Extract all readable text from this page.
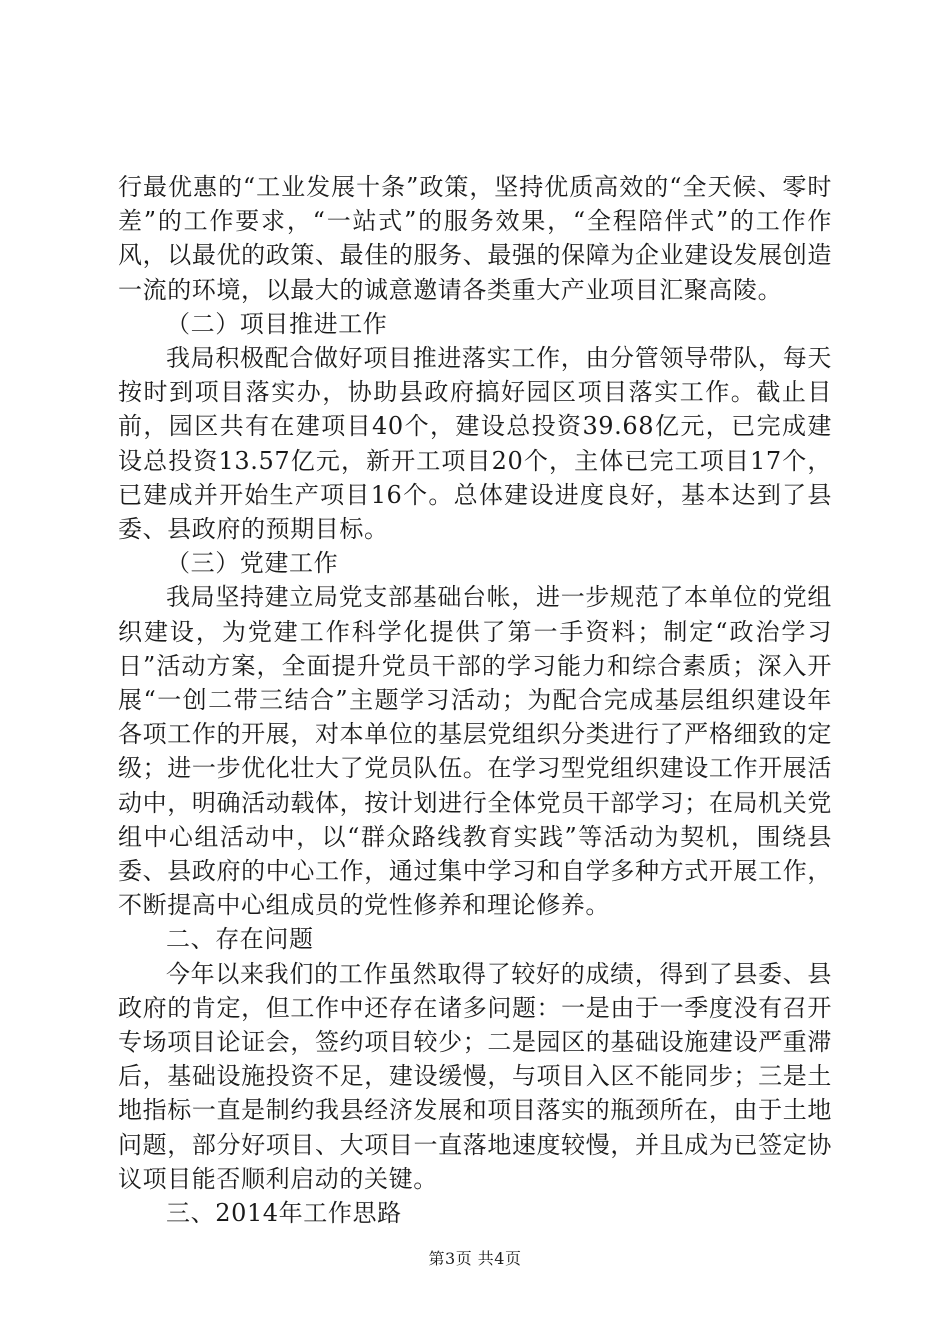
行最优惠的“工业发展十条”政策，坚持优质高效的“全天候、零时差”的工作要求，“一站式”的服务效果，“全程陪伴式”的工作作风，以最优的政策、最佳的服务、最强的保障为企业建设发展创造一流的环境，以最大的诚意邀请各类重大产业项目汇聚高陵。

（二）项目推进工作

我局积极配合做好项目推进落实工作，由分管领导带队，每天按时到项目落实办，协助县政府搞好园区项目落实工作。截止目前，园区共有在建项目40个，建设总投资39.68亿元，已完成建设总投资13.57亿元，新开工项目20个，主体已完工项目17个，已建成并开始生产项目16个。总体建设进度良好，基本达到了县委、县政府的预期目标。

（三）党建工作

我局坚持建立局党支部基础台帐，进一步规范了本单位的党组织建设，为党建工作科学化提供了第一手资料；制定“政治学习日”活动方案，全面提升党员干部的学习能力和综合素质；深入开展“一创二带三结合”主题学习活动；为配合完成基层组织建设年各项工作的开展，对本单位的基层党组织分类进行了严格细致的定级；进一步优化壮大了党员队伍。在学习型党组织建设工作开展活动中，明确活动载体，按计划进行全体党员干部学习；在局机关党组中心组活动中，以“群众路线教育实践”等活动为契机，围绕县委、县政府的中心工作，通过集中学习和自学多种方式开展工作，不断提高中心组成员的党性修养和理论修养。

二、存在问题

今年以来我们的工作虽然取得了较好的成绩，得到了县委、县政府的肯定，但工作中还存在诸多问题：一是由于一季度没有召开专场项目论证会，签约项目较少；二是园区的基础设施建设严重滞后，基础设施投资不足，建设缓慢，与项目入区不能同步；三是土地指标一直是制约我县经济发展和项目落实的瓶颈所在，由于土地问题，部分好项目、大项目一直落地速度较慢，并且成为已签定协议项目能否顺利启动的关键。

三、2014年工作思路

第3页 共4页
